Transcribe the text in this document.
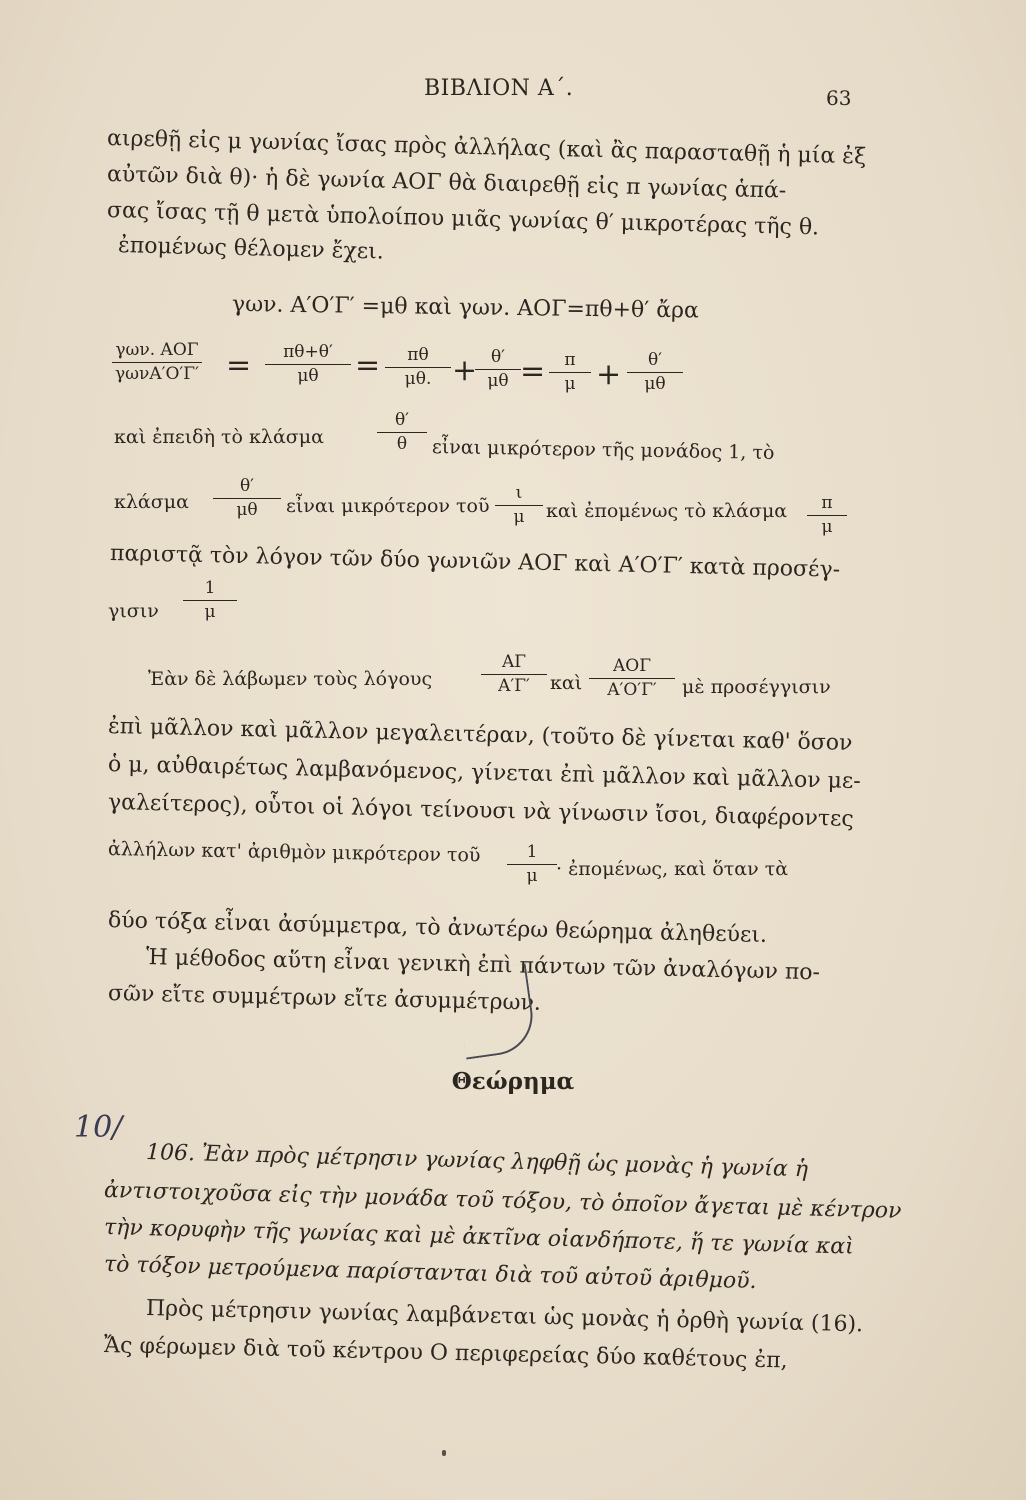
ΒΙΒΛΙΟΝ Α΄.	63
αιρεθῇ εἰς μ γωνίας ἴσας πρὸς ἀλλήλας (καὶ ἂς παρασταθῇ ἡ μία ἐξ
αὐτῶν διὰ θ)· ἡ δὲ γωνία ΑΟΓ θὰ διαιρεθῇ εἰς π γωνίας ἁπά-
σας ἴσας τῇ θ μετὰ ὑπολοίπου μιᾶς γωνίας θ′ μικροτέρας τῆς θ.
ἐπομένως θέλομεν ἔχει.
γων. Α′Ο′Γ′ =μθ καὶ γων. ΑΟΓ=πθ+θ′ ἄρα
γων. ΑΟΓ
$\gamma\omega\nu A'O'\Gamma' = \frac{\pi\theta+\theta'}{\mu\theta} = \frac{\pi\theta}{\mu\theta.} + \frac{\theta'}{\mu\theta} = \frac{\pi}{\mu} + \frac{\theta'}{\mu\theta}$
καὶ ἐπειδὴ τὸ κλάσμα	$\frac{\theta'}{\theta}$ εἶναι μικρότερον τῆς μονάδος 1, τὸ
κλάσμα $\frac{\theta'}{\mu\theta}$ εἶναι μικρότερον τοῦ $\frac{\iota}{\mu}$ καὶ ἐπομένως τὸ κλάσμα $\frac{\pi}{\mu}$
παριστᾷ τὸν λόγον τῶν δύο γωνιῶν ΑΟΓ καὶ Α′Ο′Γ′ κατὰ προσέγ-
γισιν $\frac{1}{\mu}$
Ἐὰν δὲ λάβωμεν τοὺς λόγους	$\frac{A\Gamma}{A'\Gamma'}$ καὶ
ΑΟΓ
Α′Ο′Γ′	μὲ προσέγγισιν
ἐπὶ μᾶλλον καὶ μᾶλλον μεγαλειτέραν, (τοῦτο δὲ γίνεται καθ' ὅσον
ὁ μ, αὐθαιρέτως λαμβανόμενος, γίνεται ἐπὶ μᾶλλον καὶ μᾶλλον με-
γαλείτερος), οὗτοι οἱ λόγοι τείνουσι νὰ γίνωσιν ἴσοι, διαφέροντες
ἀλλήλων κατ' ἀριθμὸν μικρότερον τοῦ $\frac{1}{\mu}$ · ἐπομένως, καὶ ὅταν τὰ
δύο τόξα εἶναι ἀσύμμετρα, τὸ ἀνωτέρω θεώρημα ἀληθεύει.
Ἡ μέθοδος αὕτη εἶναι γενικὴ ἐπὶ πάντων τῶν ἀναλόγων πο-
σῶν εἴτε συμμέτρων εἴτε ἀσυμμέτρων.
Θεώρημα
10/
106. Ἐὰν πρὸς μέτρησιν γωνίας ληφθῇ ὡς μονὰς ἡ γωνία ἡ
ἀντιστοιχοῦσα εἰς τὴν μονάδα τοῦ τόξου, τὸ ὁποῖον ἄγεται μὲ κέντρον
τὴν κορυφὴν τῆς γωνίας καὶ μὲ ἀκτῖνα οἱανδήποτε, ἥ τε γωνία καὶ
τὸ τόξον μετρούμενα παρίστανται διὰ τοῦ αὐτοῦ ἀριθμοῦ.
Πρὸς μέτρησιν γωνίας λαμβάνεται ὡς μονὰς ἡ ὀρθὴ γωνία (16).
Ἄς φέρωμεν διὰ τοῦ κέντρου Ο περιφερείας δύο καθέτους ἐπ,
